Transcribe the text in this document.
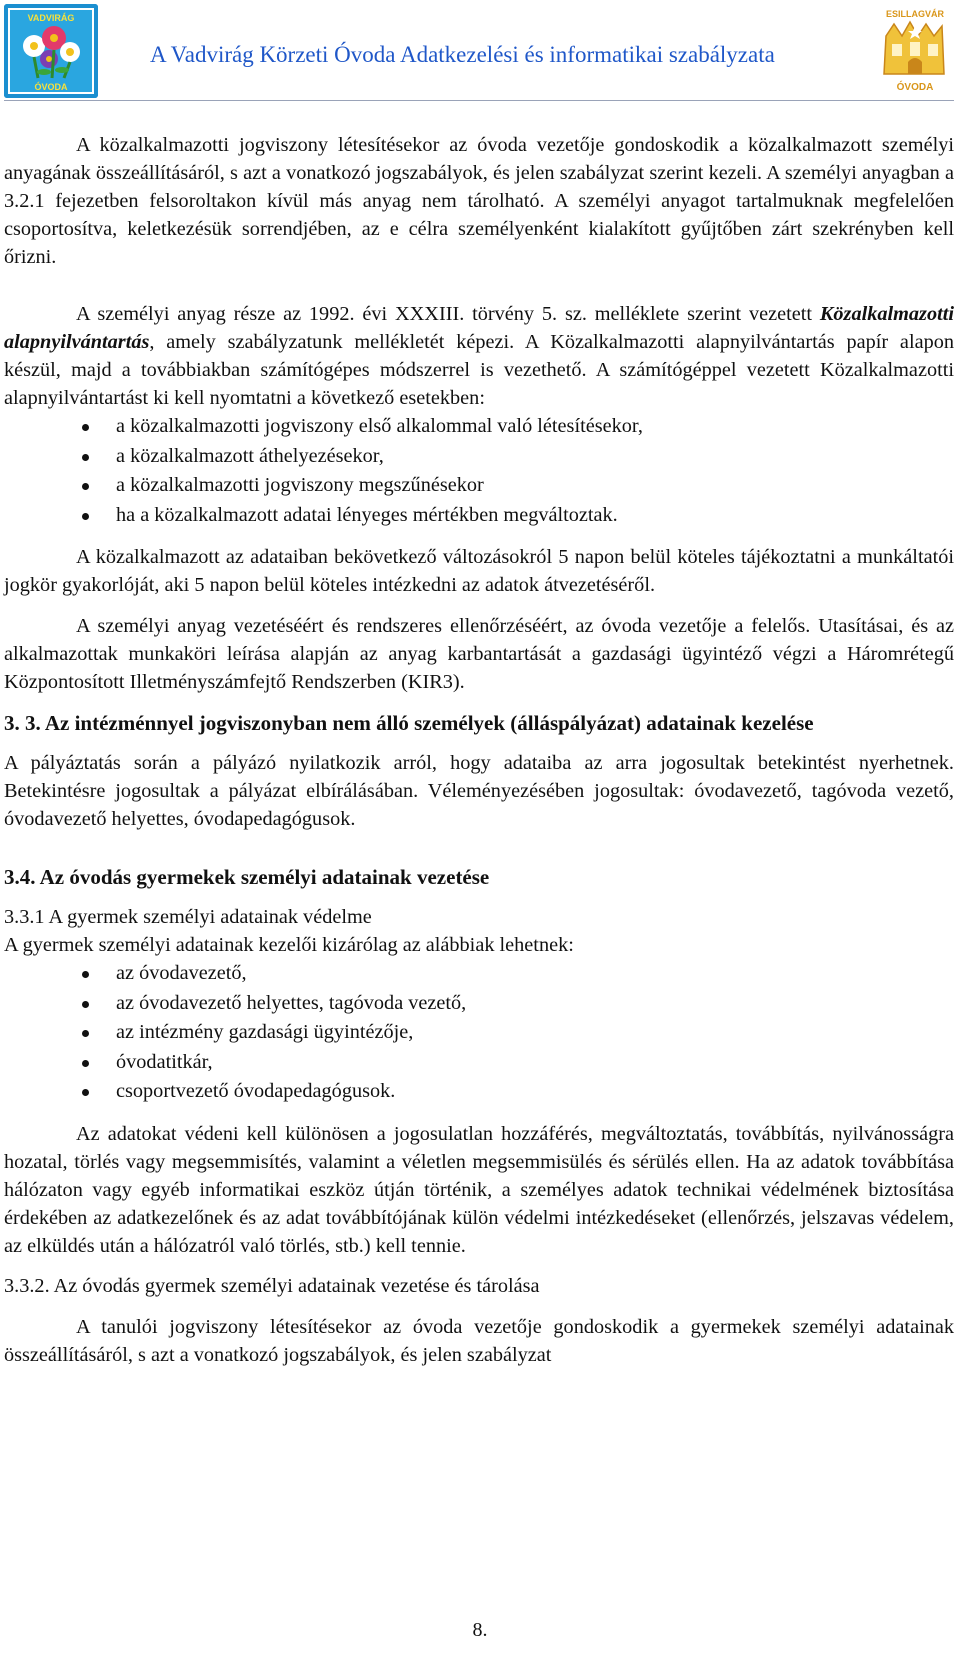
VADVIRÁG
ÓVODA
A Vadvirág Körzeti Óvoda Adatkezelési és informatikai szabályzata
ESILLAGVÁR
ÓVODA

A közalkalmazotti jogviszony létesítésekor az óvoda vezetője gondoskodik a közalkalmazott személyi anyagának összeállításáról, s azt a vonatkozó jogszabályok, és jelen szabályzat szerint kezeli. A személyi anyagban a 3.2.1 fejezetben felsoroltakon kívül más anyag nem tárolható. A személyi anyagot tartalmuknak megfelelően csoportosítva, keletkezésük sorrendjében, az e célra személyenként kialakított gyűjtőben zárt szekrényben kell őrizni.

A személyi anyag része az 1992. évi XXXIII. törvény 5. sz. melléklete szerint vezetett Közalkalmazotti alapnyilvántartás, amely szabályzatunk mellékletét képezi. A Közalkalmazotti alapnyilvántartás papír alapon készül, majd a továbbiakban számítógépes módszerrel is vezethető. A számítógéppel vezetett Közalkalmazotti alapnyilvántartást ki kell nyomtatni a következő esetekben:

a közalkalmazotti jogviszony első alkalommal való létesítésekor,
a közalkalmazott áthelyezésekor,
a közalkalmazotti jogviszony megszűnésekor
ha a közalkalmazott adatai lényeges mértékben megváltoztak.

A közalkalmazott az adataiban bekövetkező változásokról 5 napon belül köteles tájékoztatni a munkáltatói jogkör gyakorlóját, aki 5 napon belül köteles intézkedni az adatok átvezetéséről.

A személyi anyag vezetéséért és rendszeres ellenőrzéséért, az óvoda vezetője a felelős. Utasításai, és az alkalmazottak munkaköri leírása alapján az anyag karbantartását a gazdasági ügyintéző végzi a Háromrétegű Központosított Illetményszámfejtő Rendszerben (KIR3).

3. 3. Az intézménnyel jogviszonyban nem álló személyek (álláspályázat) adatainak kezelése

A pályáztatás során a pályázó nyilatkozik arról, hogy adataiba az arra jogosultak betekintést nyerhetnek. Betekintésre jogosultak a pályázat elbírálásában. Véleményezésében jogosultak: óvodavezető, tagóvoda vezető, óvodavezető helyettes, óvodapedagógusok.

3.4. Az óvodás gyermekek személyi adatainak vezetése

3.3.1 A gyermek személyi adatainak védelme

A gyermek személyi adatainak kezelői kizárólag az alábbiak lehetnek:

az óvodavezető,
az óvodavezető helyettes, tagóvoda vezető,
az intézmény gazdasági ügyintézője,
óvodatitkár,
csoportvezető óvodapedagógusok.

Az adatokat védeni kell különösen a jogosulatlan hozzáférés, megváltoztatás, továbbítás, nyilvánosságra hozatal, törlés vagy megsemmisítés, valamint a véletlen megsemmisülés és sérülés ellen. Ha az adatok továbbítása hálózaton vagy egyéb informatikai eszköz útján történik, a személyes adatok technikai védelmének biztosítása érdekében az adatkezelőnek és az adat továbbítójának külön védelmi intézkedéseket (ellenőrzés, jelszavas védelem, az elküldés után a hálózatról való törlés, stb.) kell tennie.

3.3.2. Az óvodás gyermek személyi adatainak vezetése és tárolása

A tanulói jogviszony létesítésekor az óvoda vezetője gondoskodik a gyermekek személyi adatainak összeállításáról, s azt a vonatkozó jogszabályok, és jelen szabályzat

8.
